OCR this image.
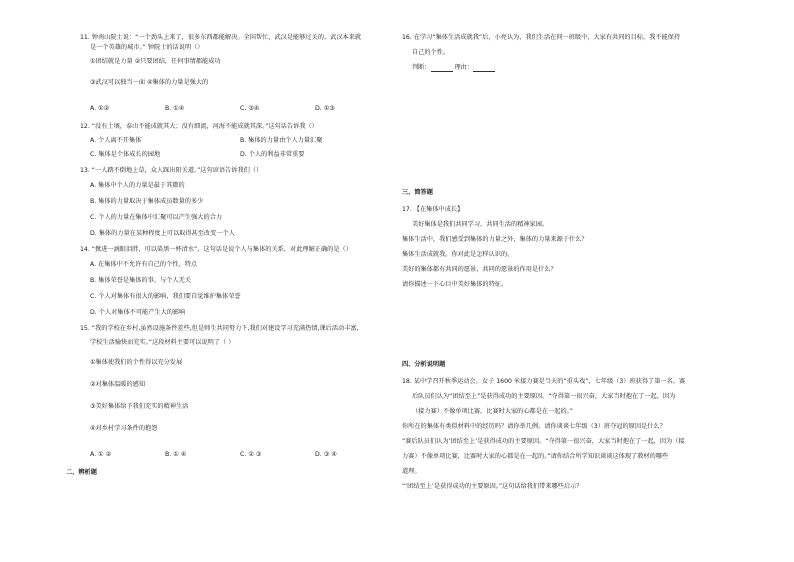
11. 钟南山院士说：“一个劲头上来了，很多东西都能解决。全国帮忙，武汉是能够过关的。武汉本来就
是一个英雄的城市。” 钟院士的话说明（）
①团结就是力量 ②只要团结，任何事情都能成功
③武汉可以独当一面 ④集体的力量是强大的
A. ①②	B. ①④	C. ③④	D. ①③
12. “没有土壤，泰山不能成就其大；没有细流，河海不能成就其深。”这句话告诉我（）
A. 个人离不开集体	B. 集体的力量由个人力量汇聚
C. 集体是个体成长的园地	D. 个人的利益非常重要
13. “一人踏不倒地上草，众人踩出阳关道。”这句谚语告诉我们（）
A. 集体中个人的力量是最于其微的
B. 集体的力量取决于集体成员数量的多少
C. 个人的力量在集体中汇聚可以产生强大的合力
D. 集体的力量在某种程度上可以取得甚至改变一个人
14. “掀进一滴眼泪胖，可以染黑一杯清水”，这句话是说个人与集体的关系，对此理解正确的是（）
A. 在集体中不允许有自己的个性，特点
B. 集体荣誉是集体的事，与个人无关
C. 个人对集体有很大的影响，我们要自觉维护集体荣誉
D. 个人对集体不可能产生大的影响
15. “我的学校在乡村,虽然设施条件差些,但是师生共同努力下,我们对建设学习充满热情,课后活动丰富,
学校生活愉快而充实。”这段材料主要可以说明了（ ）
①集体使我们的个性得以充分发展
②对集体温暖的感知
③美好集体给予我们充实的精神生活
④对乡村学习条件的抱怨
A. ① ②	B. ① ④	C. ② ③	D. ③ ④
二、辨析题
16. 在学习“集体生活成就我”后，小亮认为，我们生活在同一班级中，大家有共同的目标，我不能保持
自己的个性。
判断：	理由：
三、简答题
17. 【在集体中成长】
美好集体是我们共同学习、共同生活的精神家园。
集体生活中，我们感受到集体的力量之外，集体的力量来源于什么？
集体生活成就我。你对此是怎样认识的。
美好的集体都有共同的愿景，共同的愿景的作用是什么？
请你描述一下心目中美好集体的特征。
四、分析说明题
18. 某中学召开秋季运动会。女子 1600 米接力赛是当天的“重头戏”，七年级（3）班获得了第一名。赛
后队员们认为“团结至上”是获得成功的主要原因。“夺得第一很兴奋，大家当时抱在了一起，因为
（接力赛）不像单项比赛，比赛时大家的心都是在一起的。”
你所在的集体有类似材料中的经历吗？请你举几例。请你谈谈七年级（3）班夺冠的原因是什么？
“赛后队员们认为‘团结至上’是获得成功的主要原因。“夺得第一很兴奋，大家当时抱在了一起，因为（接
力赛）不像单项比赛，比赛时大家的心都是在一起的。”请你结合所学知识谈谈这体现了教材的哪些
道理。
“‘团结至上’是获得成功的主要原因。”这句话给我们带来哪些启示？
